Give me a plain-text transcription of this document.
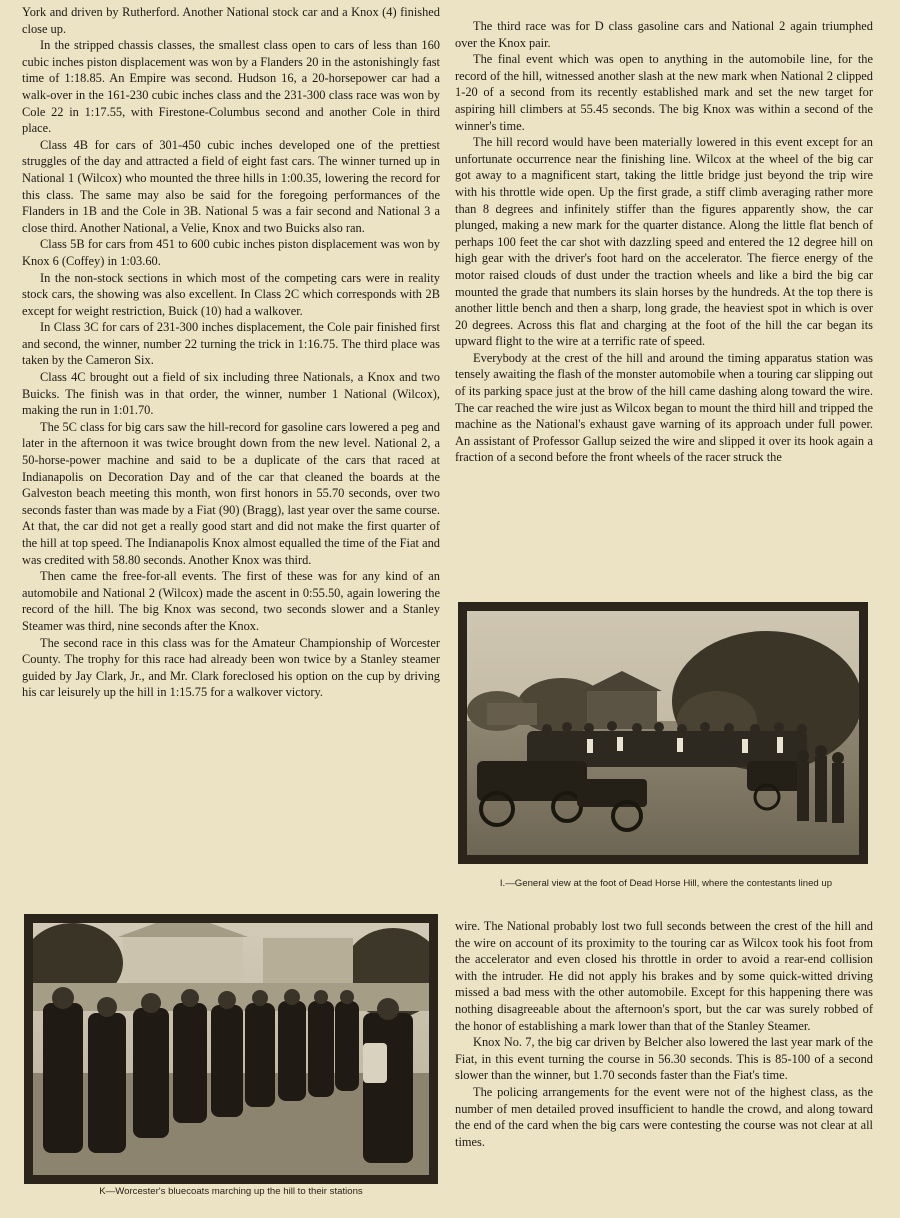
York and driven by Rutherford. Another National stock car and a Knox (4) finished close up.

In the stripped chassis classes, the smallest class open to cars of less than 160 cubic inches piston displacement was won by a Flanders 20 in the astonishingly fast time of 1:18.85. An Empire was second. Hudson 16, a 20-horsepower car had a walk-over in the 161-230 cubic inches class and the 231-300 class race was won by Cole 22 in 1:17.55, with Firestone-Columbus second and another Cole in third place.

Class 4B for cars of 301-450 cubic inches developed one of the prettiest struggles of the day and attracted a field of eight fast cars. The winner turned up in National 1 (Wilcox) who mounted the three hills in 1:00.35, lowering the record for this class. The same may also be said for the foregoing performances of the Flanders in 1B and the Cole in 3B. National 5 was a fair second and National 3 a close third. Another National, a Velie, Knox and two Buicks also ran.

Class 5B for cars from 451 to 600 cubic inches piston displacement was won by Knox 6 (Coffey) in 1:03.60.

In the non-stock sections in which most of the competing cars were in reality stock cars, the showing was also excellent. In Class 2C which corresponds with 2B except for weight restriction, Buick (10) had a walkover.

In Class 3C for cars of 231-300 inches displacement, the Cole pair finished first and second, the winner, number 22 turning the trick in 1:16.75. The third place was taken by the Cameron Six.

Class 4C brought out a field of six including three Nationals, a Knox and two Buicks. The finish was in that order, the winner, number 1 National (Wilcox), making the run in 1:01.70.

The 5C class for big cars saw the hill-record for gasoline cars lowered a peg and later in the afternoon it was twice brought down from the new level. National 2, a 50-horse-power machine and said to be a duplicate of the cars that raced at Indianapolis on Decoration Day and of the car that cleaned the boards at the Galveston beach meeting this month, won first honors in 55.70 seconds, over two seconds faster than was made by a Fiat (90) (Bragg), last year over the same course. At that, the car did not get a really good start and did not make the first quarter of the hill at top speed. The Indianapolis Knox almost equalled the time of the Fiat and was credited with 58.80 seconds. Another Knox was third.

Then came the free-for-all events. The first of these was for any kind of an automobile and National 2 (Wilcox) made the ascent in 0:55.50, again lowering the record of the hill. The big Knox was second, two seconds slower and a Stanley Steamer was third, nine seconds after the Knox.

The second race in this class was for the Amateur Championship of Worcester County. The trophy for this race had already been won twice by a Stanley steamer guided by Jay Clark, Jr., and Mr. Clark foreclosed his option on the cup by driving his car leisurely up the hill in 1:15.75 for a walkover victory.

The third race was for D class gasoline cars and National 2 again triumphed over the Knox pair.

The final event which was open to anything in the automobile line, for the record of the hill, witnessed another slash at the new mark when National 2 clipped 1-20 of a second from its recently established mark and set the new target for aspiring hill climbers at 55.45 seconds. The big Knox was within a second of the winner's time.

The hill record would have been materially lowered in this event except for an unfortunate occurrence near the finishing line. Wilcox at the wheel of the big car got away to a magnificent start, taking the little bridge just beyond the trip wire with his throttle wide open. Up the first grade, a stiff climb averaging rather more than 8 degrees and infinitely stiffer than the figures apparently show, the car plunged, making a new mark for the quarter distance. Along the little flat bench of perhaps 100 feet the car shot with dazzling speed and entered the 12 degree hill on high gear with the driver's foot hard on the accelerator. The fierce energy of the motor raised clouds of dust under the traction wheels and like a bird the big car mounted the grade that numbers its slain horses by the hundreds. At the top there is another little bench and then a sharp, long grade, the heaviest spot in which is over 20 degrees. Across this flat and charging at the foot of the hill the car began its upward flight to the wire at a terrific rate of speed.

Everybody at the crest of the hill and around the timing apparatus station was tensely awaiting the flash of the monster automobile when a touring car slipping out of its parking space just at the brow of the hill came dashing along toward the wire. The car reached the wire just as Wilcox began to mount the third hill and tripped the machine as the National's exhaust gave warning of its approach under full power. An assistant of Professor Gallup seized the wire and slipped it over its hook again a fraction of a second before the front wheels of the racer struck the

I.—General view at the foot of Dead Horse Hill, where the contestants lined up
K—Worcester's bluecoats marching up the hill to their stations

wire. The National probably lost two full seconds between the crest of the hill and the wire on account of its proximity to the touring car as Wilcox took his foot from the accelerator and even closed his throttle in order to avoid a rear-end collision with the intruder. He did not apply his brakes and by some quick-witted driving missed a bad mess with the other automobile. Except for this happening there was nothing disagreeable about the afternoon's sport, but the car was surely robbed of the honor of establishing a mark lower than that of the Stanley Steamer.

Knox No. 7, the big car driven by Belcher also lowered the last year mark of the Fiat, in this event turning the course in 56.30 seconds. This is 85-100 of a second slower than the winner, but 1.70 seconds faster than the Fiat's time.

The policing arrangements for the event were not of the highest class, as the number of men detailed proved insufficient to handle the crowd, and along toward the end of the card when the big cars were contesting the course was not clear at all times.
